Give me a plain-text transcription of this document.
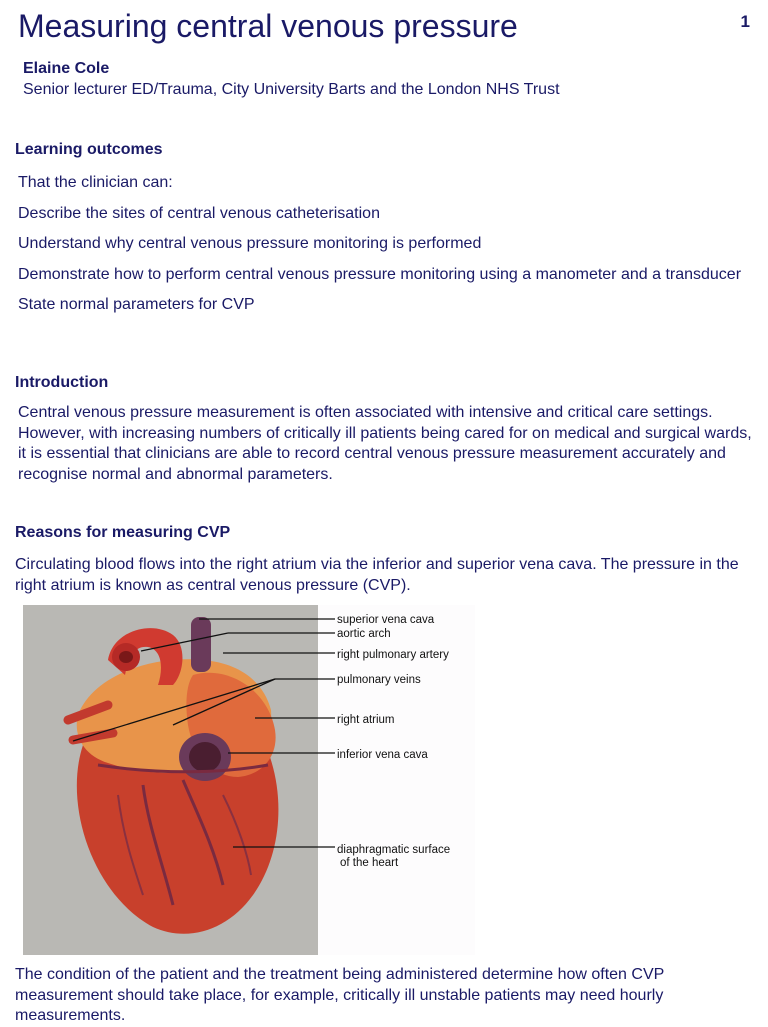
Measuring central venous pressure	1
Elaine Cole
Senior lecturer ED/Trauma, City University Barts and the London NHS Trust
Learning outcomes
That the clinician can:
Describe the sites of central venous catheterisation
Understand why central venous pressure monitoring is performed
Demonstrate how to perform central venous pressure monitoring using a manometer and a transducer
State normal parameters for CVP
Introduction
Central venous pressure measurement is often associated with intensive and critical care settings. However, with increasing numbers of critically ill patients being cared for on medical and surgical wards, it is essential that clinicians are able to record central venous pressure measurement accurately and recognise normal and abnormal parameters.
Reasons for measuring CVP
Circulating blood flows into the right atrium via the inferior and superior vena cava. The pressure in the right atrium is known as central venous pressure (CVP).
superior vena cava
aortic arch
right pulmonary artery
pulmonary veins
right atrium
inferior vena cava
diaphragmatic surface
of the heart
The condition of the patient and the treatment being administered determine how often CVP measurement should take place, for example, critically ill unstable patients may need hourly measurements.
